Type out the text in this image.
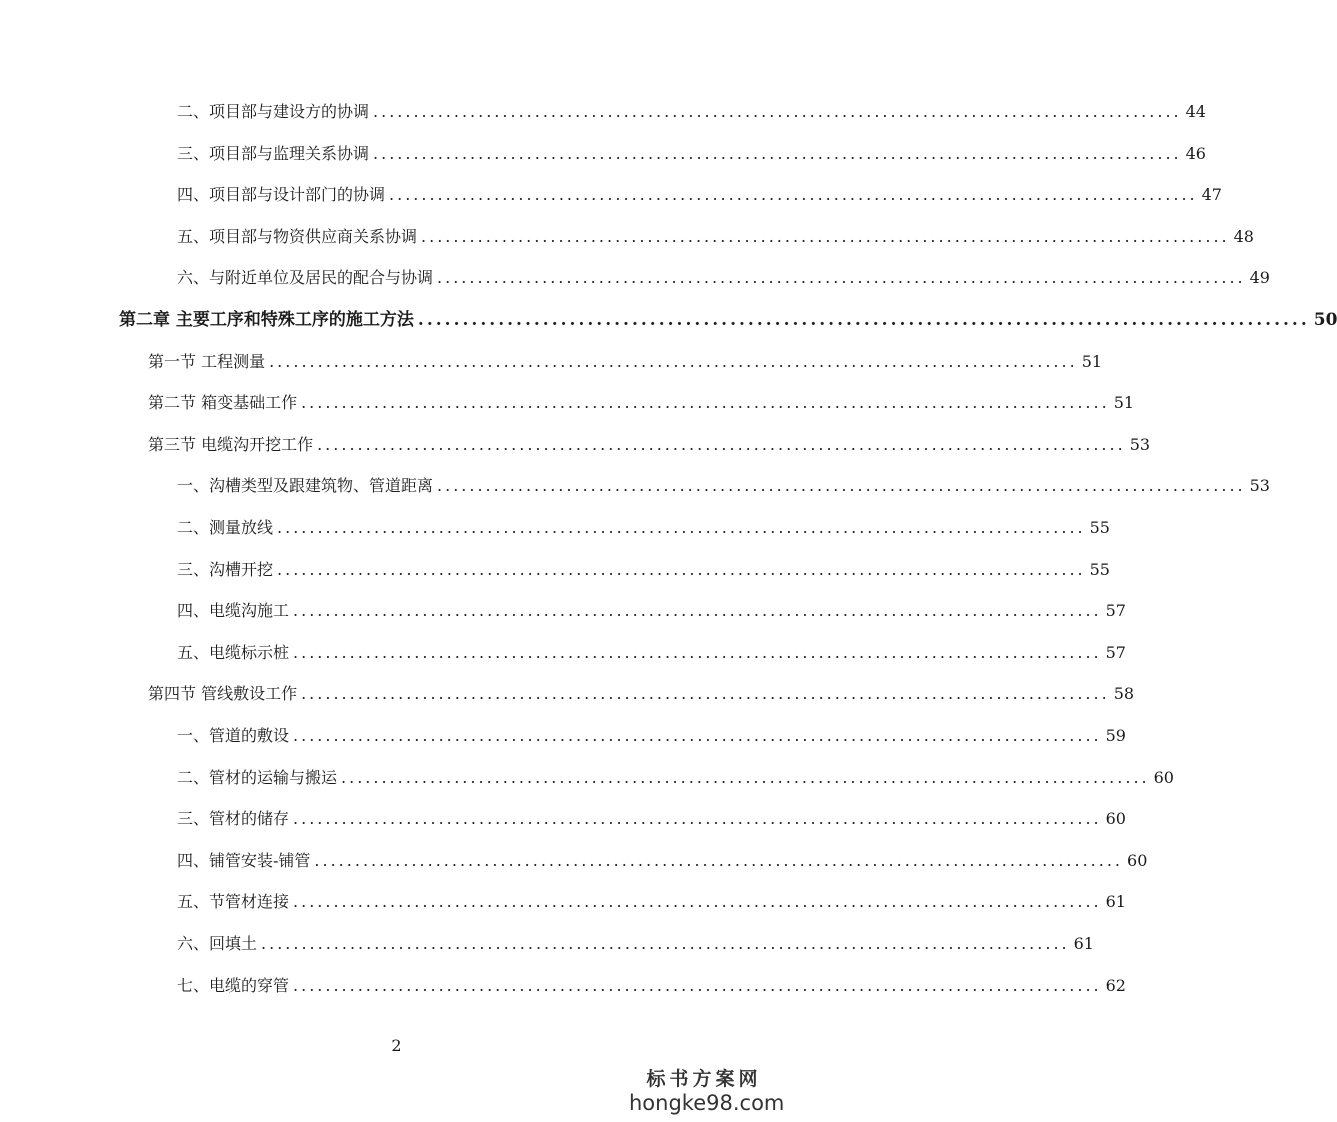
二、项目部与建设方的协调 .................................................................................................... 44
三、项目部与监理关系协调 .................................................................................................... 46
四、项目部与设计部门的协调 .................................................................................................... 47
五、项目部与物资供应商关系协调 .................................................................................................... 48
六、与附近单位及居民的配合与协调 .................................................................................................... 49
第二章 主要工序和特殊工序的施工方法 .................................................................................................... 50
第一节 工程测量 .................................................................................................... 51
第二节 箱变基础工作 .................................................................................................... 51
第三节 电缆沟开挖工作 .................................................................................................... 53
一、沟槽类型及跟建筑物、管道距离 .................................................................................................... 53
二、测量放线 .................................................................................................... 55
三、沟槽开挖 .................................................................................................... 55
四、电缆沟施工 .................................................................................................... 57
五、电缆标示桩 .................................................................................................... 57
第四节 管线敷设工作 .................................................................................................... 58
一、管道的敷设 .................................................................................................... 59
二、管材的运输与搬运 .................................................................................................... 60
三、管材的储存 .................................................................................................... 60
四、铺管安装-铺管 .................................................................................................... 60
五、节管材连接 .................................................................................................... 61
六、回填土 .................................................................................................... 61
七、电缆的穿管 .................................................................................................... 62
2
标书方案网
hongke98.com
